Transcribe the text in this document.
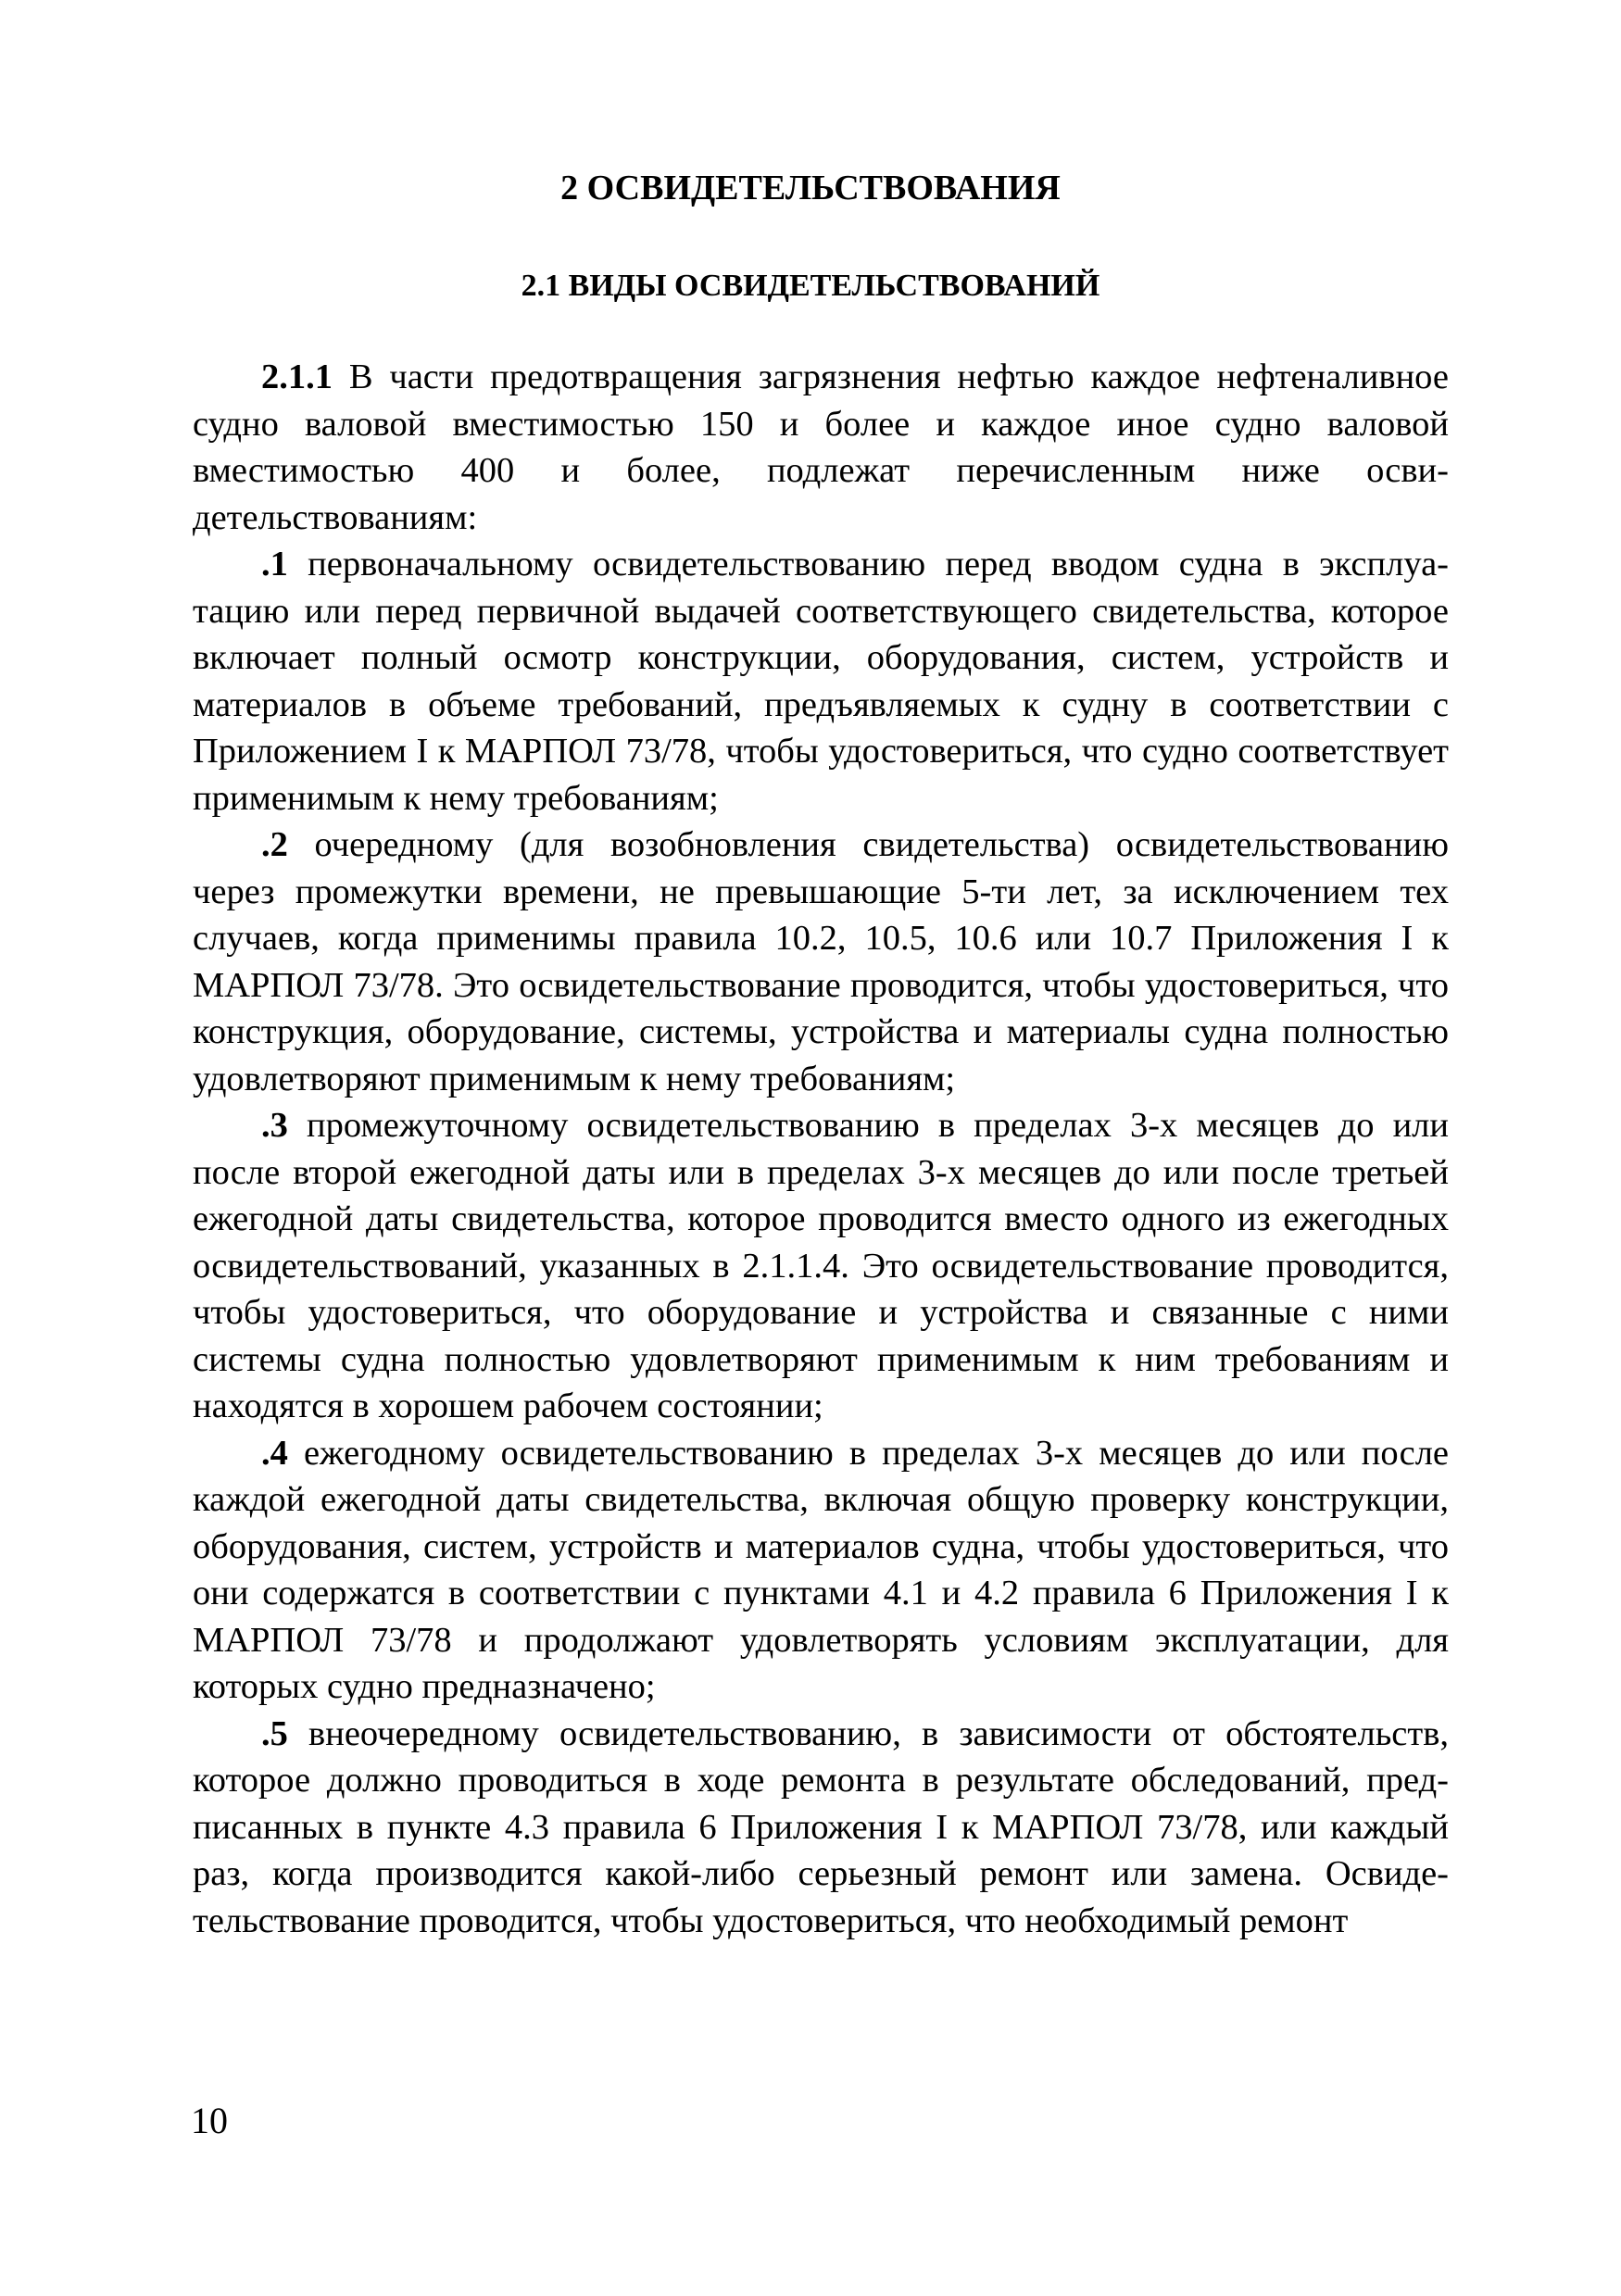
2 ОСВИДЕТЕЛЬСТВОВАНИЯ
2.1 ВИДЫ ОСВИДЕТЕЛЬСТВОВАНИЙ

2.1.1 В части предотвращения загрязнения нефтью каждое нефтеналивное судно валовой вместимостью 150 и более и каждое иное судно валовой вместимостью 400 и более, подлежат перечисленным ниже освидетельствованиям:

.1 первоначальному освидетельствованию перед вводом судна в эксплуатацию или перед первичной выдачей соответствующего свидетельства, которое включает полный осмотр конструкции, оборудования, систем, устройств и материалов в объеме требований, предъявляемых к судну в соответствии с Приложением I к МАРПОЛ 73/78, чтобы удостовериться, что судно соответствует применимым к нему требованиям;

.2 очередному (для возобновления свидетельства) освидетельствованию через промежутки времени, не превышающие 5-ти лет, за исключением тех случаев, когда применимы правила 10.2, 10.5, 10.6 или 10.7 Приложения I к МАРПОЛ 73/78. Это освидетельствование проводится, чтобы удостовериться, что конструкция, оборудование, системы, устройства и материалы судна полностью удовлетворяют применимым к нему требованиям;

.3 промежуточному освидетельствованию в пределах 3-х месяцев до или после второй ежегодной даты или в пределах 3-х месяцев до или после третьей ежегодной даты свидетельства, которое проводится вместо одного из ежегодных освидетельствований, указанных в 2.1.1.4. Это освидетельствование проводится, чтобы удостовериться, что оборудование и устройства и связанные с ними системы судна полностью удовлетворяют применимым к ним требованиям и находятся в хорошем рабочем состоянии;

.4 ежегодному освидетельствованию в пределах 3-х месяцев до или после каждой ежегодной даты свидетельства, включая общую проверку конструкции, оборудования, систем, устройств и материалов судна, чтобы удостовериться, что они содержатся в соответствии с пунктами 4.1 и 4.2 правила 6 Приложения I к МАРПОЛ 73/78 и продолжают удовлетворять условиям эксплуатации, для которых судно предназначено;

.5 внеочередному освидетельствованию, в зависимости от обстоятельств, которое должно проводиться в ходе ремонта в результате обследований, предписанных в пункте 4.3 правила 6 Приложения I к МАРПОЛ 73/78, или каждый раз, когда производится какой-либо серьезный ремонт или замена. Освидетельствование проводится, чтобы удостовериться, что необходимый ремонт

10
